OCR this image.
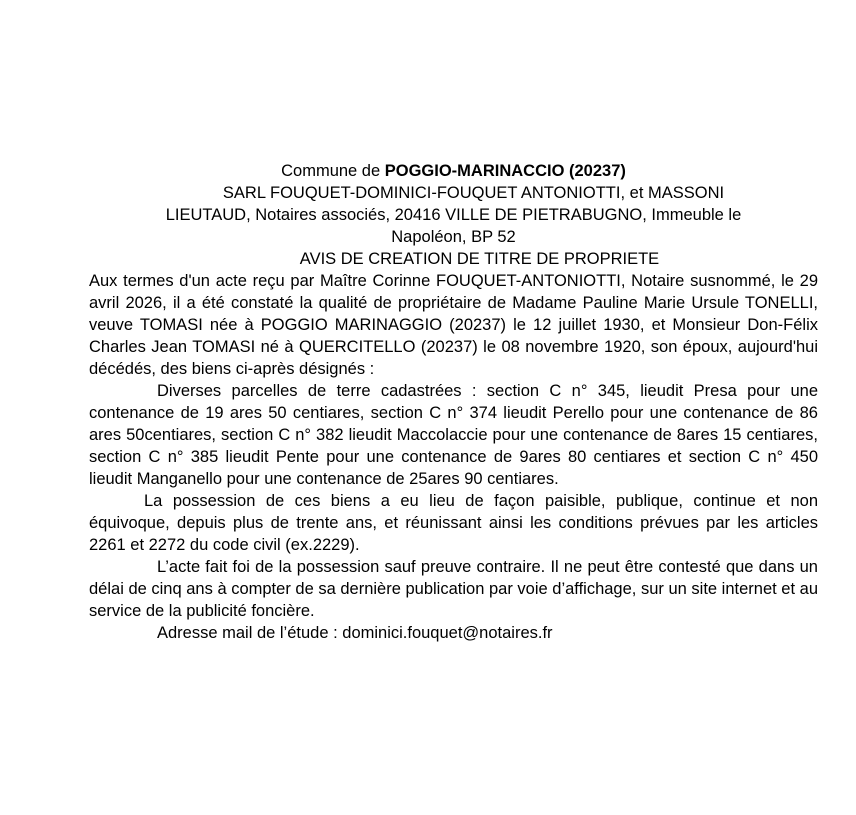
Commune de POGGIO-MARINACCIO (20237)

SARL FOUQUET-DOMINICI-FOUQUET ANTONIOTTI, et MASSONI

LIEUTAUD, Notaires associés, 20416 VILLE DE PIETRABUGNO, Immeuble le

Napoléon, BP 52

AVIS DE CREATION DE TITRE DE PROPRIETE

Aux termes d'un acte reçu par Maître Corinne FOUQUET-ANTONIOTTI, Notaire susnommé, le 29 avril 2026, il a été constaté la qualité de propriétaire de Madame Pauline Marie Ursule TONELLI, veuve TOMASI née à POGGIO MARINAGGIO (20237) le 12 juillet 1930, et Monsieur Don-Félix Charles Jean TOMASI né à QUERCITELLO (20237) le 08 novembre 1920, son époux, aujourd'hui décédés, des biens ci-après désignés :

Diverses parcelles de terre cadastrées : section C n° 345, lieudit Presa pour une contenance de 19 ares 50 centiares, section C n° 374 lieudit Perello pour une contenance de 86 ares 50centiares, section C n° 382 lieudit Maccolaccie pour une contenance de 8ares 15 centiares, section C n° 385 lieudit Pente pour une contenance de 9ares 80 centiares et section C n° 450 lieudit Manganello pour une contenance de 25ares 90 centiares.

La possession de ces biens a eu lieu de façon paisible, publique, continue et non équivoque, depuis plus de trente ans, et réunissant ainsi les conditions prévues par les articles 2261 et 2272 du code civil (ex.2229).

L’acte fait foi de la possession sauf preuve contraire. Il ne peut être contesté que dans un délai de cinq ans à compter de sa dernière publication par voie d’affichage, sur un site internet et au service de la publicité foncière.

Adresse mail de l’étude : dominici.fouquet@notaires.fr
